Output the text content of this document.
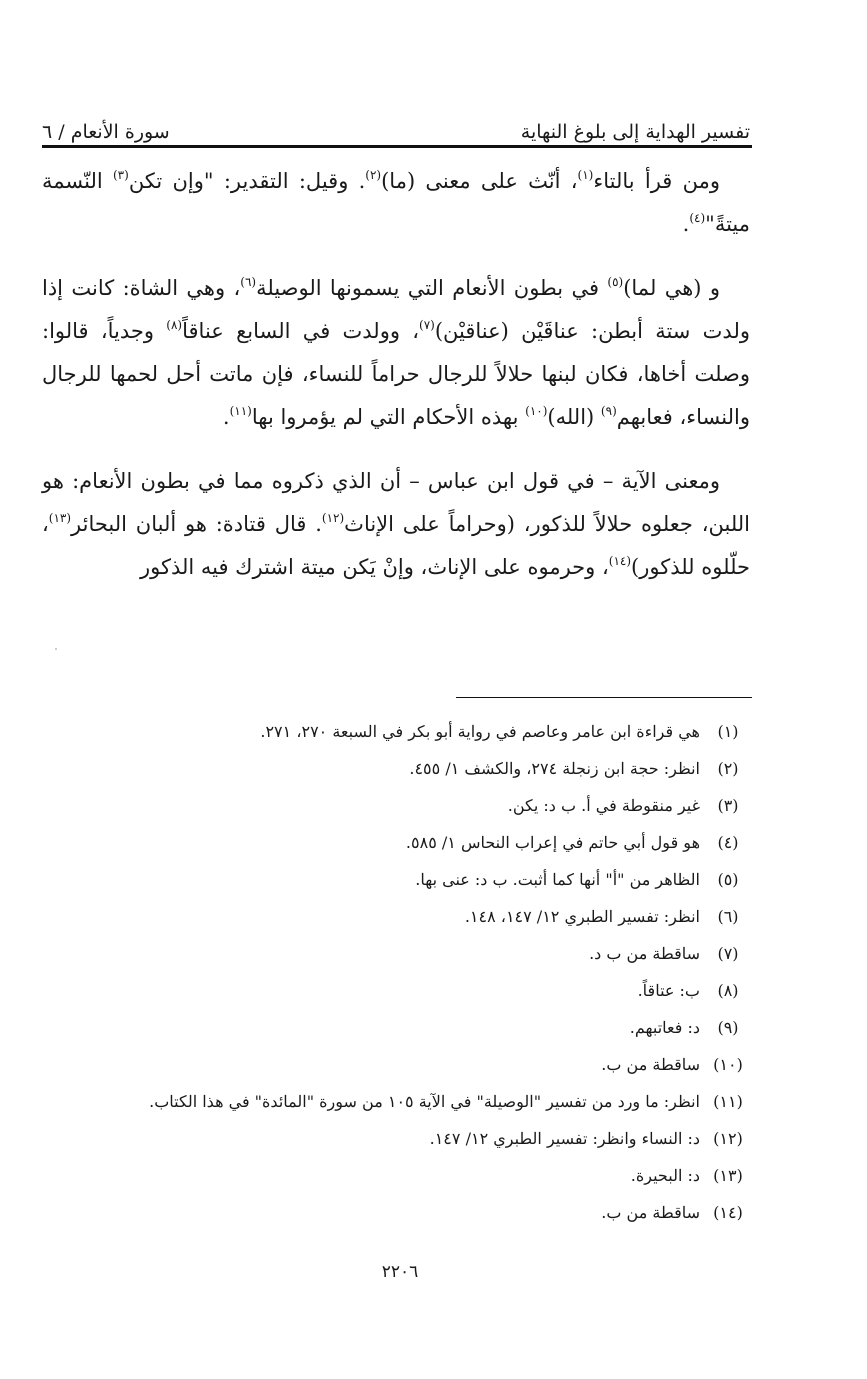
تفسير الهداية إلى بلوغ النهاية
سورة الأنعام / ٦

ومن قرأ بالتاء$^{(١)}$، أنّث على معنى (ما)$^{(٢)}$. وقيل: التقدير: "وإن تكن$^{(٣)}$ النّسمة ميتةً"$^{(٤)}$.

و (هي لما)$^{(٥)}$ في بطون الأنعام التي يسمونها الوصيلة$^{(٦)}$، وهي الشاة: كانت إذا ولدت ستة أبطن: عناقَيْن (عناقيْن)$^{(٧)}$، وولدت في السابع عناقاً$^{(٨)}$ وجدياً، قالوا: وصلت أخاها، فكان لبنها حلالاً للرجال حراماً للنساء، فإن ماتت أحل لحمها للرجال والنساء، فعابهم$^{(٩)}$ (الله)$^{(١٠)}$ بهذه الأحكام التي لم يؤمروا بها$^{(١١)}$.

ومعنى الآية – في قول ابن عباس – أن الذي ذكروه مما في بطون الأنعام: هو اللبن، جعلوه حلالاً للذكور، (وحراماً على الإناث$^{(١٢)}$. قال قتادة: هو ألبان البحائر$^{(١٣)}$، حلّلوه للذكور)$^{(١٤)}$، وحرموه على الإناث، وإنْ يَكن ميتة اشترك فيه الذكور

(١)
هي قراءة ابن عامر وعاصم في رواية أبو بكر في السبعة ٢٧٠، ٢٧١.
(٢)
انظر: حجة ابن زنجلة ٢٧٤، والكشف ١/ ٤٥٥.
(٣)
غير منقوطة في أ. ب د: يكن.
(٤)
هو قول أبي حاتم في إعراب النحاس ١/ ٥٨٥.
(٥)
الظاهر من "أ" أنها كما أثبت. ب د: عنى بها.
(٦)
انظر: تفسير الطبري ١٢/ ١٤٧، ١٤٨.
(٧)
ساقطة من ب د.
(٨)
ب: عتاقاً.
(٩)
د: فعاتبهم.
(١٠)
ساقطة من ب.
(١١)
انظر: ما ورد من تفسير "الوصيلة" في الآية ١٠٥ من سورة "المائدة" في هذا الكتاب.
(١٢)
د: النساء وانظر: تفسير الطبري ١٢/ ١٤٧.
(١٣)
د: البحيرة.
(١٤)
ساقطة من ب.
٢٢٠٦
